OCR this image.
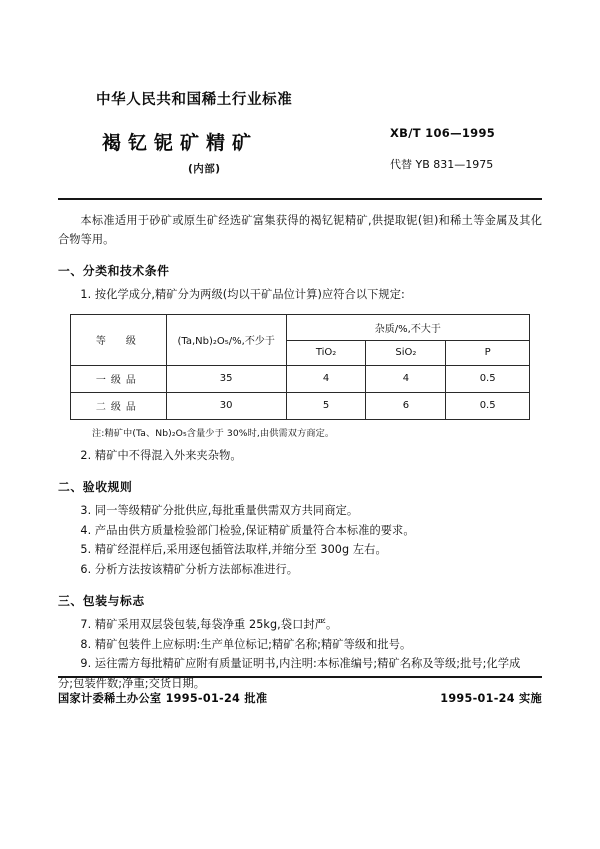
中华人民共和国稀土行业标准
褐钇铌矿精矿
(内部)
XB/T 106—1995
代替 YB 831—1975

本标准适用于砂矿或原生矿经选矿富集获得的褐钇铌精矿,供提取铌(钽)和稀土等金属及其化合物等用。

一、分类和技术条件

1. 按化学成分,精矿分为两级(均以干矿品位计算)应符合以下规定:

等　级	(Ta,Nb)₂O₅/%,不少于	杂质/%,不大于		
		TiO₂	SiO₂	P
一级品	35	4	4	0.5
二级品	30	5	6	0.5
注:精矿中(Ta、Nb)₂O₅含量少于 30%时,由供需双方商定。

2. 精矿中不得混入外来夹杂物。

二、验收规则

3. 同一等级精矿分批供应,每批重量供需双方共同商定。

4. 产品由供方质量检验部门检验,保证精矿质量符合本标准的要求。

5. 精矿经混样后,采用逐包插管法取样,并缩分至 300g 左右。

6. 分析方法按该精矿分析方法部标准进行。

三、包装与标志

7. 精矿采用双层袋包装,每袋净重 25kg,袋口封严。

8. 精矿包装件上应标明:生产单位标记;精矿名称;精矿等级和批号。

9. 运往需方每批精矿应附有质量证明书,内注明:本标准编号;精矿名称及等级;批号;化学成

分;包装件数;净重;交货日期。

国家计委稀土办公室 1995-01-24 批准	1995-01-24 实施
